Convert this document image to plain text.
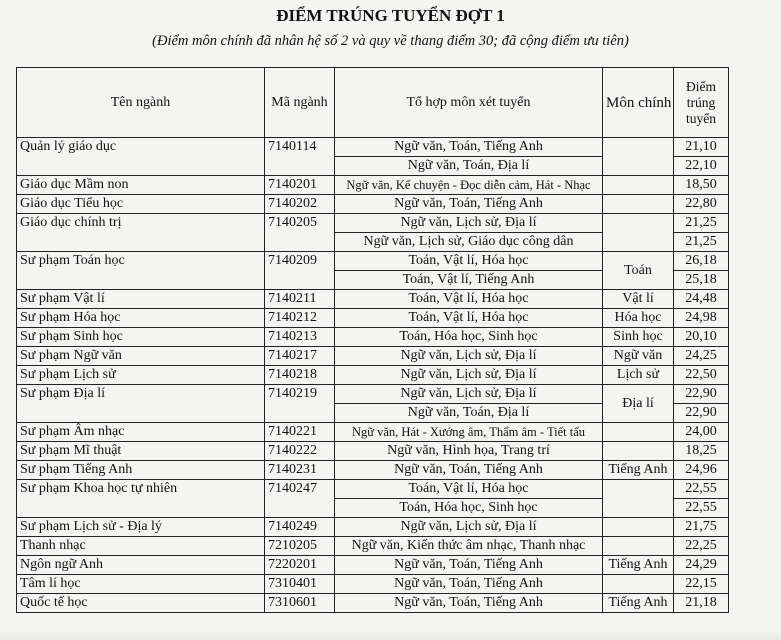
ĐIỂM TRÚNG TUYỂN ĐỢT 1
(Điểm môn chính đã nhân hệ số 2 và quy về thang điểm 30; đã cộng điểm ưu tiên)
Tên ngành	Mã ngành	Tổ hợp môn xét tuyển	Môn chính	Điểm
trúng
tuyển

Quản lý giáo dục	7140114	Ngữ văn, Toán, Tiếng Anh		21,10
		Ngữ văn, Toán, Địa lí		22,10
Giáo dục Mầm non	7140201	Ngữ văn, Kể chuyện - Đọc diễn cảm, Hát - Nhạc		18,50
Giáo dục Tiểu học	7140202	Ngữ văn, Toán, Tiếng Anh		22,80
Giáo dục chính trị	7140205	Ngữ văn, Lịch sử, Địa lí		21,25
		Ngữ văn, Lịch sử, Giáo dục công dân		21,25
Sư phạm Toán học	7140209	Toán, Vật lí, Hóa học	Toán	26,18
		Toán, Vật lí, Tiếng Anh		25,18
Sư phạm Vật lí	7140211	Toán, Vật lí, Hóa học	Vật lí	24,48
Sư phạm Hóa học	7140212	Toán, Vật lí, Hóa học	Hóa học	24,98
Sư phạm Sinh học	7140213	Toán, Hóa học, Sinh học	Sinh học	20,10
Sư phạm Ngữ văn	7140217	Ngữ văn, Lịch sử, Địa lí	Ngữ văn	24,25
Sư phạm Lịch sử	7140218	Ngữ văn, Lịch sử, Địa lí	Lịch sử	22,50
Sư phạm Địa lí	7140219	Ngữ văn, Lịch sử, Địa lí	Địa lí	22,90
		Ngữ văn, Toán, Địa lí		22,90
Sư phạm Âm nhạc	7140221	Ngữ văn, Hát - Xướng âm, Thẩm âm - Tiết tấu		24,00
Sư phạm Mĩ thuật	7140222	Ngữ văn, Hình họa, Trang trí		18,25
Sư phạm Tiếng Anh	7140231	Ngữ văn, Toán, Tiếng Anh	Tiếng Anh	24,96
Sư phạm Khoa học tự nhiên	7140247	Toán, Vật lí, Hóa học		22,55
		Toán, Hóa học, Sinh học		22,55
Sư phạm Lịch sử - Địa lý	7140249	Ngữ văn, Lịch sử, Địa lí		21,75
Thanh nhạc	7210205	Ngữ văn, Kiến thức âm nhạc, Thanh nhạc		22,25
Ngôn ngữ Anh	7220201	Ngữ văn, Toán, Tiếng Anh	Tiếng Anh	24,29
Tâm lí học	7310401	Ngữ văn, Toán, Tiếng Anh		22,15
Quốc tế học	7310601	Ngữ văn, Toán, Tiếng Anh	Tiếng Anh	21,18
